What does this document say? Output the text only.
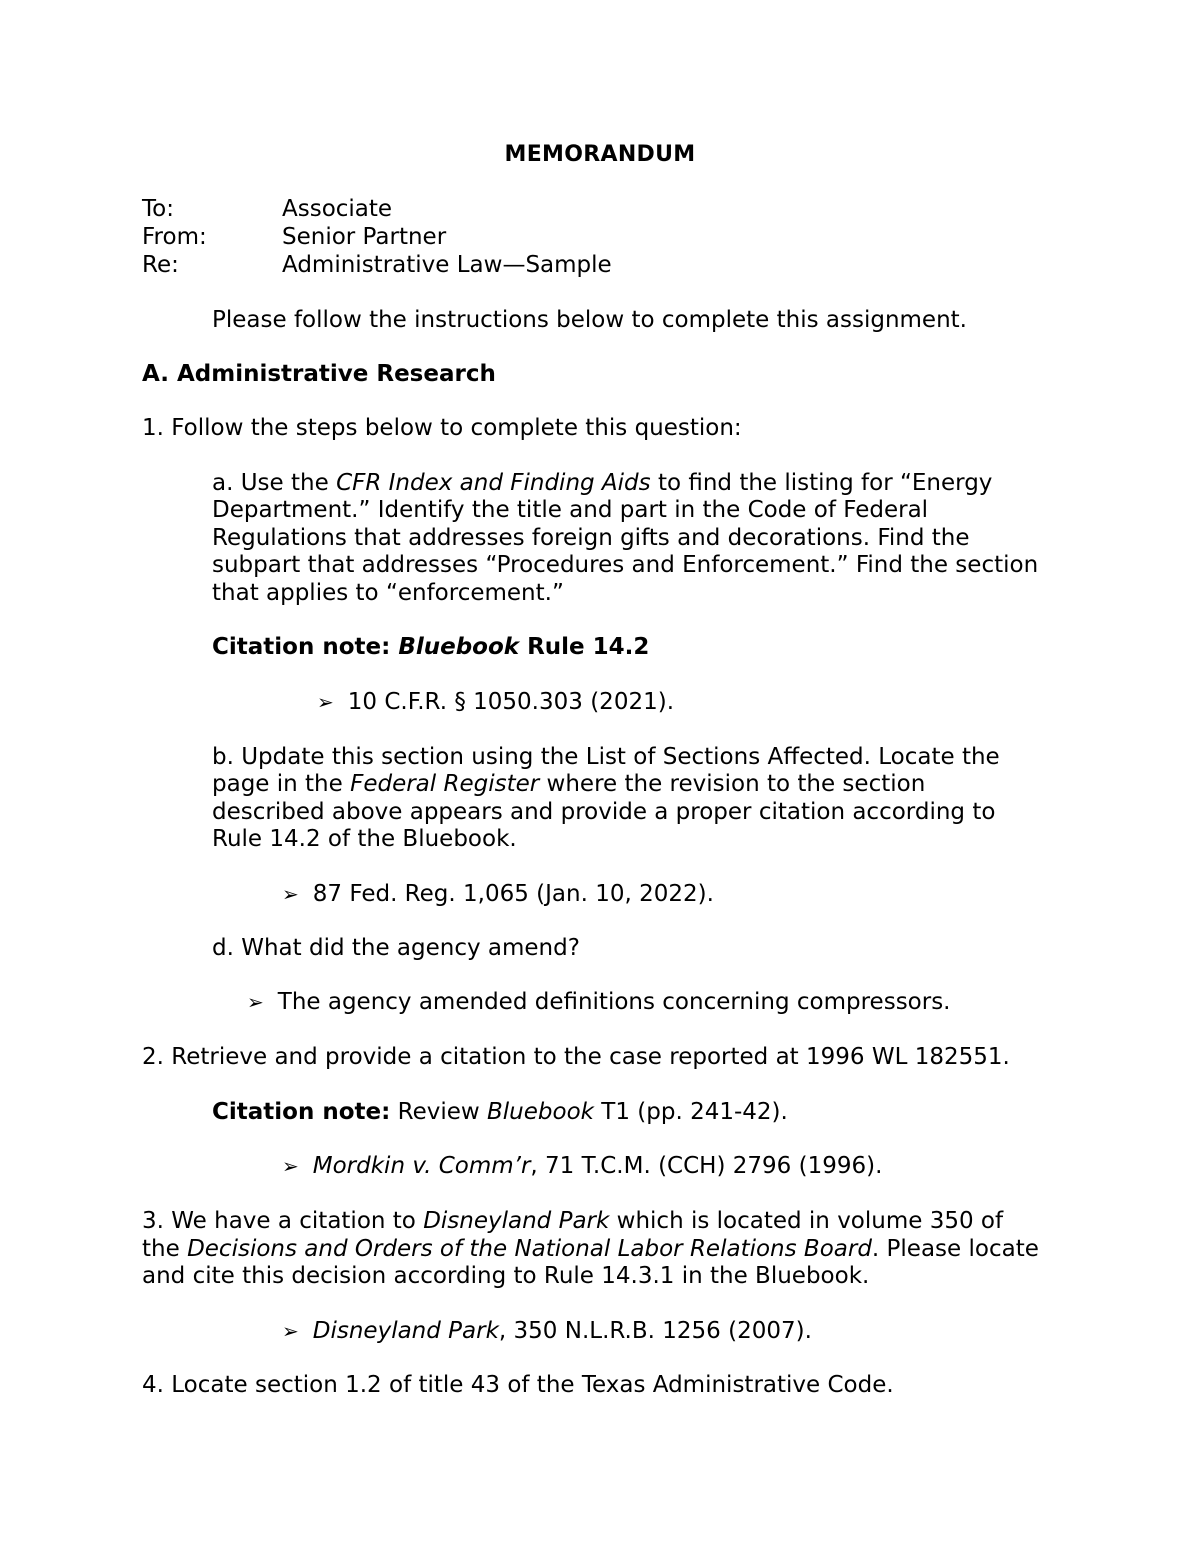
MEMORANDUM
To:	Associate
From:	Senior Partner
Re:	Administrative Law—Sample
Please follow the instructions below to complete this assignment.
A. Administrative Research
1. Follow the steps below to complete this question:
a. Use the CFR Index and Finding Aids to find the listing for “Energy
Department.” Identify the title and part in the Code of Federal
Regulations that addresses foreign gifts and decorations. Find the
subpart that addresses “Procedures and Enforcement.” Find the section
that applies to “enforcement.”
Citation note: Bluebook Rule 14.2
➢ 10 C.F.R. § 1050.303 (2021).
b. Update this section using the List of Sections Affected. Locate the
page in the Federal Register where the revision to the section
described above appears and provide a proper citation according to
Rule 14.2 of the Bluebook.
➢ 87 Fed. Reg. 1,065 (Jan. 10, 2022).
d. What did the agency amend?
➢ The agency amended definitions concerning compressors.
2. Retrieve and provide a citation to the case reported at 1996 WL 182551.
Citation note: Review Bluebook T1 (pp. 241-42).
➢ Mordkin v. Comm’r, 71 T.C.M. (CCH) 2796 (1996).
3. We have a citation to Disneyland Park which is located in volume 350 of
the Decisions and Orders of the National Labor Relations Board. Please locate
and cite this decision according to Rule 14.3.1 in the Bluebook.
➢ Disneyland Park, 350 N.L.R.B. 1256 (2007).
4. Locate section 1.2 of title 43 of the Texas Administrative Code.
